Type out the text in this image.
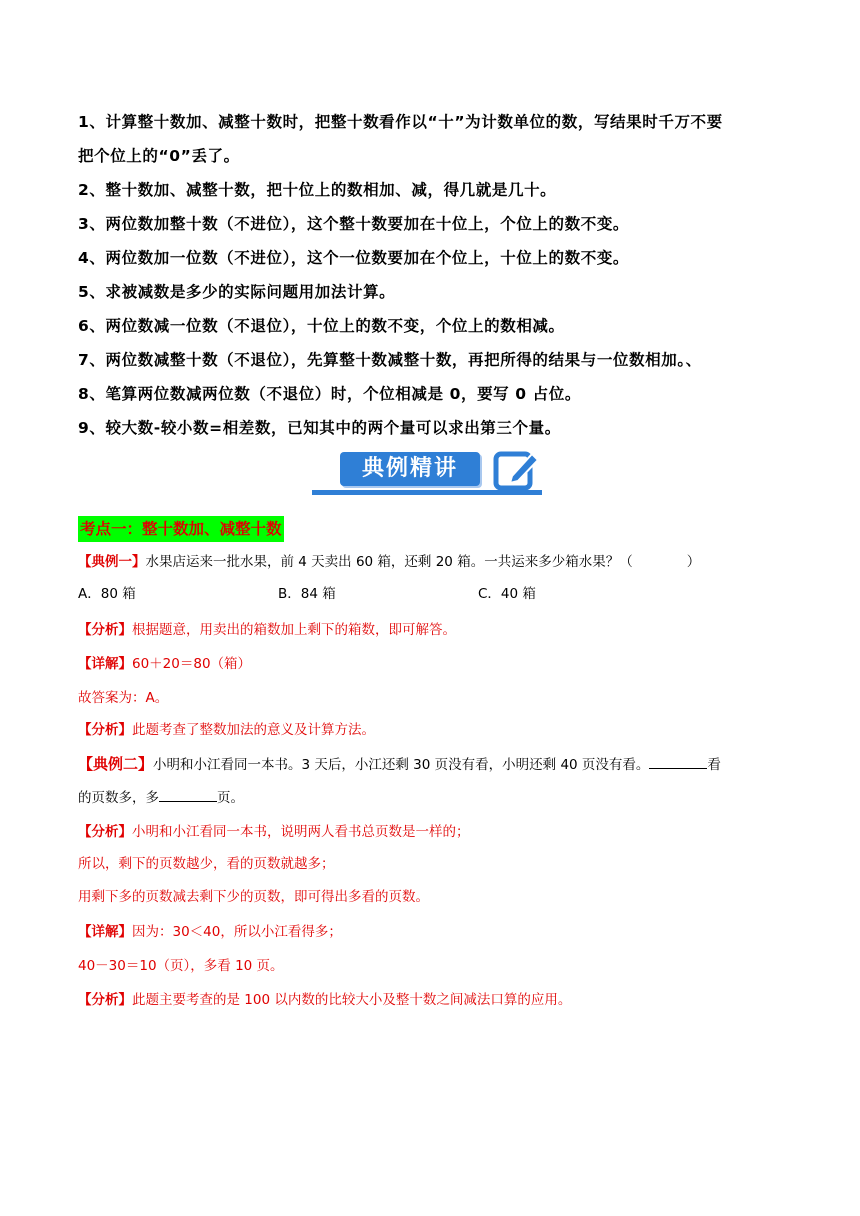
1、计算整十数加、减整十数时，把整十数看作以“十”为计数单位的数，写结果时千万不要
把个位上的“0”丢了。
2、整十数加、减整十数，把十位上的数相加、减，得几就是几十。
3、两位数加整十数（不进位），这个整十数要加在十位上，个位上的数不变。
4、两位数加一位数（不进位），这个一位数要加在个位上，十位上的数不变。
5、求被减数是多少的实际问题用加法计算。
6、两位数减一位数（不退位），十位上的数不变，个位上的数相减。
7、两位数减整十数（不退位），先算整十数减整十数，再把所得的结果与一位数相加。、
8、笔算两位数减两位数（不退位）时，个位相减是 0，要写 0 占位。
9、较大数-较小数=相差数，已知其中的两个量可以求出第三个量。
典例精讲
考点一：整十数加、减整十数
【典例一】水果店运来一批水果，前 4 天卖出 60 箱，还剩 20 箱。一共运来多少箱水果？（　　　　）
A．80 箱	B．84 箱	C．40 箱
【分析】根据题意，用卖出的箱数加上剩下的箱数，即可解答。
【详解】60＋20＝80（箱）
故答案为：A。
【分析】此题考查了整数加法的意义及计算方法。
【典例二】小明和小江看同一本书。3 天后，小江还剩 30 页没有看，小明还剩 40 页没有看。	看
的页数多，多	页。
【分析】小明和小江看同一本书，说明两人看书总页数是一样的；
所以，剩下的页数越少，看的页数就越多；
用剩下多的页数减去剩下少的页数，即可得出多看的页数。
【详解】因为：30＜40，所以小江看得多；
40－30＝10（页），多看 10 页。
【分析】此题主要考查的是 100 以内数的比较大小及整十数之间减法口算的应用。
